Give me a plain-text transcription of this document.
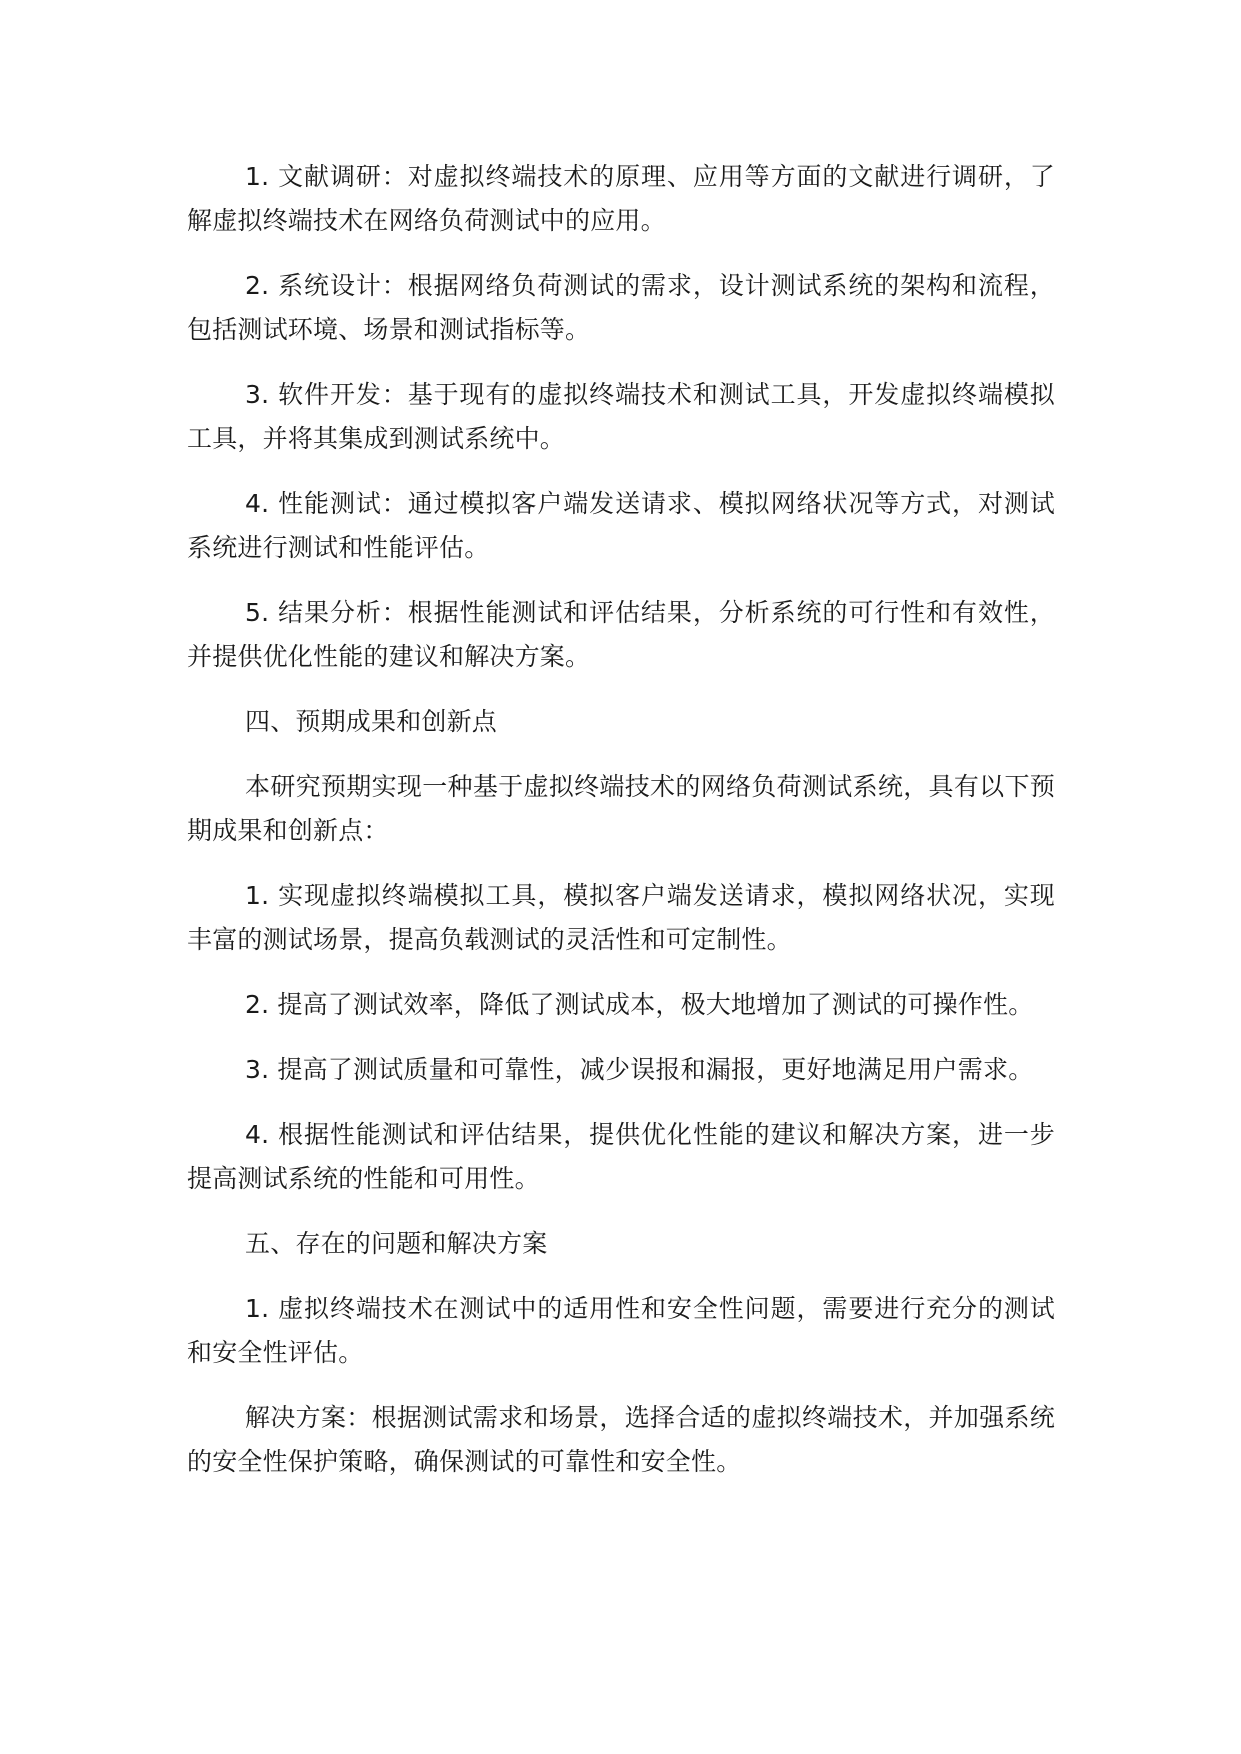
1. 文献调研：对虚拟终端技术的原理、应用等方面的文献进行调研，了解虚拟终端技术在网络负荷测试中的应用。

2. 系统设计：根据网络负荷测试的需求，设计测试系统的架构和流程，包括测试环境、场景和测试指标等。

3. 软件开发：基于现有的虚拟终端技术和测试工具，开发虚拟终端模拟工具，并将其集成到测试系统中。

4. 性能测试：通过模拟客户端发送请求、模拟网络状况等方式，对测试系统进行测试和性能评估。

5. 结果分析：根据性能测试和评估结果，分析系统的可行性和有效性，并提供优化性能的建议和解决方案。

四、预期成果和创新点

本研究预期实现一种基于虚拟终端技术的网络负荷测试系统，具有以下预期成果和创新点：

1. 实现虚拟终端模拟工具，模拟客户端发送请求，模拟网络状况，实现丰富的测试场景，提高负载测试的灵活性和可定制性。

2. 提高了测试效率，降低了测试成本，极大地增加了测试的可操作性。

3. 提高了测试质量和可靠性，减少误报和漏报，更好地满足用户需求。

4. 根据性能测试和评估结果，提供优化性能的建议和解决方案，进一步提高测试系统的性能和可用性。

五、存在的问题和解决方案

1. 虚拟终端技术在测试中的适用性和安全性问题，需要进行充分的测试和安全性评估。

解决方案：根据测试需求和场景，选择合适的虚拟终端技术，并加强系统的安全性保护策略，确保测试的可靠性和安全性。
